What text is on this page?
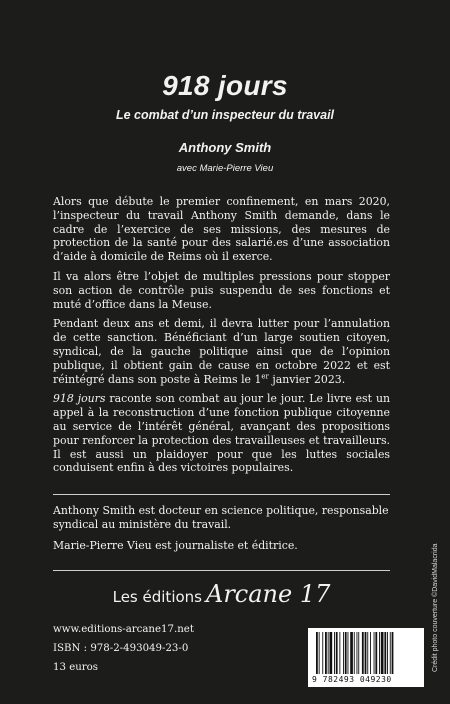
918 jours

Le combat d’un inspecteur du travail

Anthony Smith

avec Marie-Pierre Vieu

Alors que débute le premier confinement, en mars 2020, l’inspecteur du travail Anthony Smith demande, dans le cadre de l’exercice de ses missions, des mesures de protection de la santé pour des salarié.es d’une association d’aide à domicile de Reims où il exerce.

Il va alors être l’objet de multiples pressions pour stopper son action de contrôle puis suspendu de ses fonctions et muté d’office dans la Meuse.

Pendant deux ans et demi, il devra lutter pour l’annulation de cette sanction. Bénéficiant d’un large soutien citoyen, syndical, de la gauche politique ainsi que de l’opinion publique, il obtient gain de cause en octobre 2022 et est réintégré dans son poste à Reims le 1er janvier 2023.

918 jours raconte son combat au jour le jour. Le livre est un appel à la reconstruction d’une fonction publique citoyenne au service de l’intérêt général, avançant des propositions pour renforcer la protection des travailleuses et travailleurs. Il est aussi un plaidoyer pour que les luttes sociales conduisent enfin à des victoires populaires.

Anthony Smith est docteur en science politique, responsable syndical au ministère du travail.

Marie-Pierre Vieu est journaliste et éditrice.

Les éditions Arcane 17
www.editions-arcane17.net
ISBN : 978-2-493049-23-0
13 euros
9 782493 049230
Crédit photo couverture ©DavidMalacrida
